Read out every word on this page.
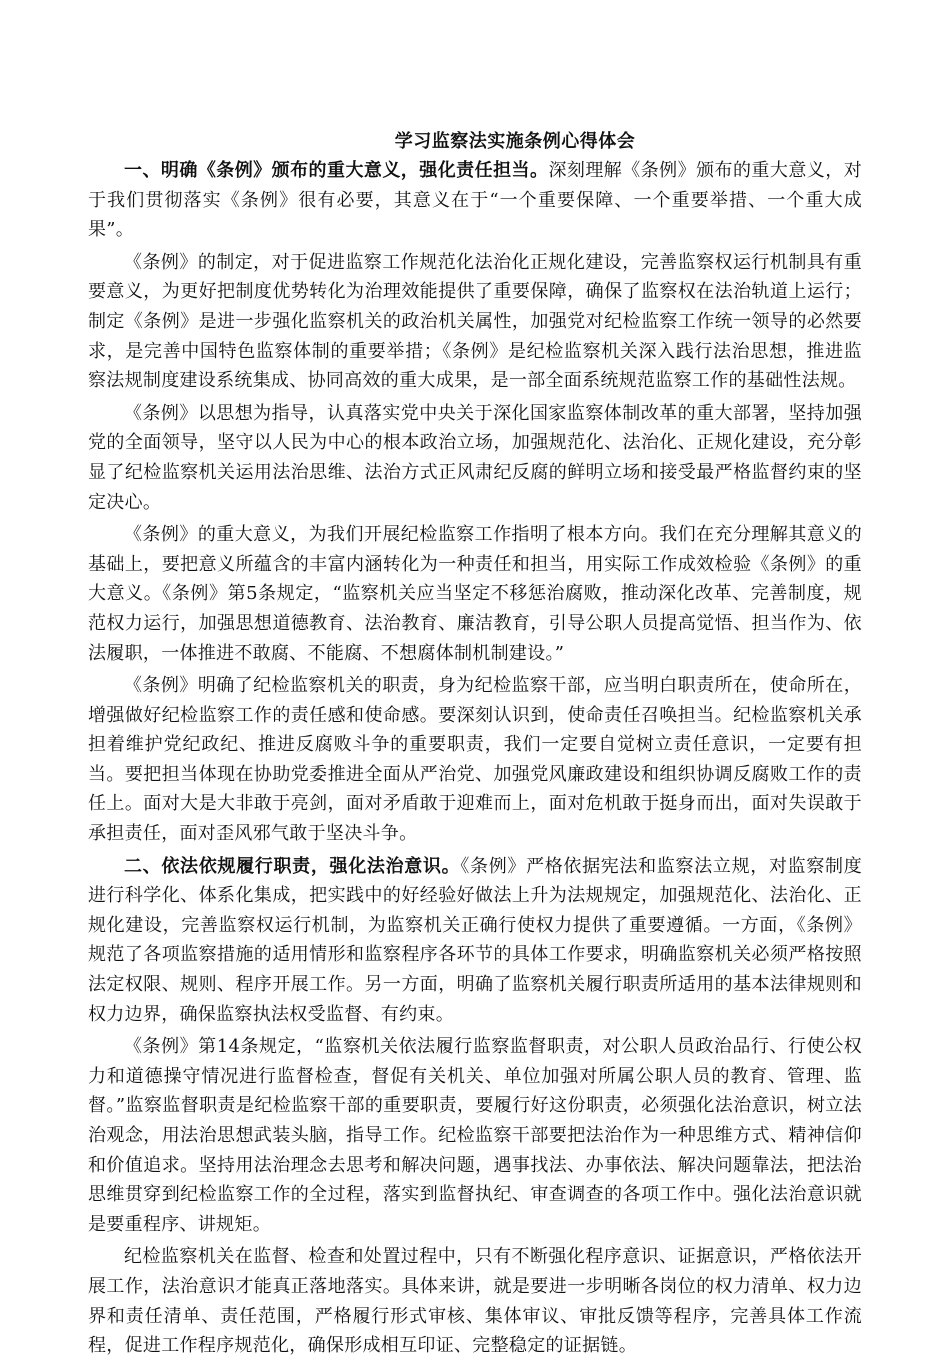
学习监察法实施条例心得体会

一、明确《条例》颁布的重大意义，强化责任担当。深刻理解《条例》颁布的重大意义，对于我们贯彻落实《条例》很有必要，其意义在于“一个重要保障、一个重要举措、一个重大成果”。

《条例》的制定，对于促进监察工作规范化法治化正规化建设，完善监察权运行机制具有重要意义，为更好把制度优势转化为治理效能提供了重要保障，确保了监察权在法治轨道上运行；制定《条例》是进一步强化监察机关的政治机关属性，加强党对纪检监察工作统一领导的必然要求，是完善中国特色监察体制的重要举措；《条例》是纪检监察机关深入践行法治思想，推进监察法规制度建设系统集成、协同高效的重大成果，是一部全面系统规范监察工作的基础性法规。

《条例》以思想为指导，认真落实党中央关于深化国家监察体制改革的重大部署，坚持加强党的全面领导，坚守以人民为中心的根本政治立场，加强规范化、法治化、正规化建设，充分彰显了纪检监察机关运用法治思维、法治方式正风肃纪反腐的鲜明立场和接受最严格监督约束的坚定决心。

《条例》的重大意义，为我们开展纪检监察工作指明了根本方向。我们在充分理解其意义的基础上，要把意义所蕴含的丰富内涵转化为一种责任和担当，用实际工作成效检验《条例》的重大意义。《条例》第5条规定，“监察机关应当坚定不移惩治腐败，推动深化改革、完善制度，规范权力运行，加强思想道德教育、法治教育、廉洁教育，引导公职人员提高觉悟、担当作为、依法履职，一体推进不敢腐、不能腐、不想腐体制机制建设。”

《条例》明确了纪检监察机关的职责，身为纪检监察干部，应当明白职责所在，使命所在，增强做好纪检监察工作的责任感和使命感。要深刻认识到，使命责任召唤担当。纪检监察机关承担着维护党纪政纪、推进反腐败斗争的重要职责，我们一定要自觉树立责任意识，一定要有担当。要把担当体现在协助党委推进全面从严治党、加强党风廉政建设和组织协调反腐败工作的责任上。面对大是大非敢于亮剑，面对矛盾敢于迎难而上，面对危机敢于挺身而出，面对失误敢于承担责任，面对歪风邪气敢于坚决斗争。

二、依法依规履行职责，强化法治意识。《条例》严格依据宪法和监察法立规，对监察制度进行科学化、体系化集成，把实践中的好经验好做法上升为法规规定，加强规范化、法治化、正规化建设，完善监察权运行机制，为监察机关正确行使权力提供了重要遵循。一方面，《条例》规范了各项监察措施的适用情形和监察程序各环节的具体工作要求，明确监察机关必须严格按照法定权限、规则、程序开展工作。另一方面，明确了监察机关履行职责所适用的基本法律规则和权力边界，确保监察执法权受监督、有约束。

《条例》第14条规定，“监察机关依法履行监察监督职责，对公职人员政治品行、行使公权力和道德操守情况进行监督检查，督促有关机关、单位加强对所属公职人员的教育、管理、监督。”监察监督职责是纪检监察干部的重要职责，要履行好这份职责，必须强化法治意识，树立法治观念，用法治思想武装头脑，指导工作。纪检监察干部要把法治作为一种思维方式、精神信仰和价值追求。坚持用法治理念去思考和解决问题，遇事找法、办事依法、解决问题靠法，把法治思维贯穿到纪检监察工作的全过程，落实到监督执纪、审查调查的各项工作中。强化法治意识就是要重程序、讲规矩。

纪检监察机关在监督、检查和处置过程中，只有不断强化程序意识、证据意识，严格依法开展工作，法治意识才能真正落地落实。具体来讲，就是要进一步明晰各岗位的权力清单、权力边界和责任清单、责任范围，严格履行形式审核、集体审议、审批反馈等程序，完善具体工作流程，促进工作程序规范化，确保形成相互印证、完整稳定的证据链。
